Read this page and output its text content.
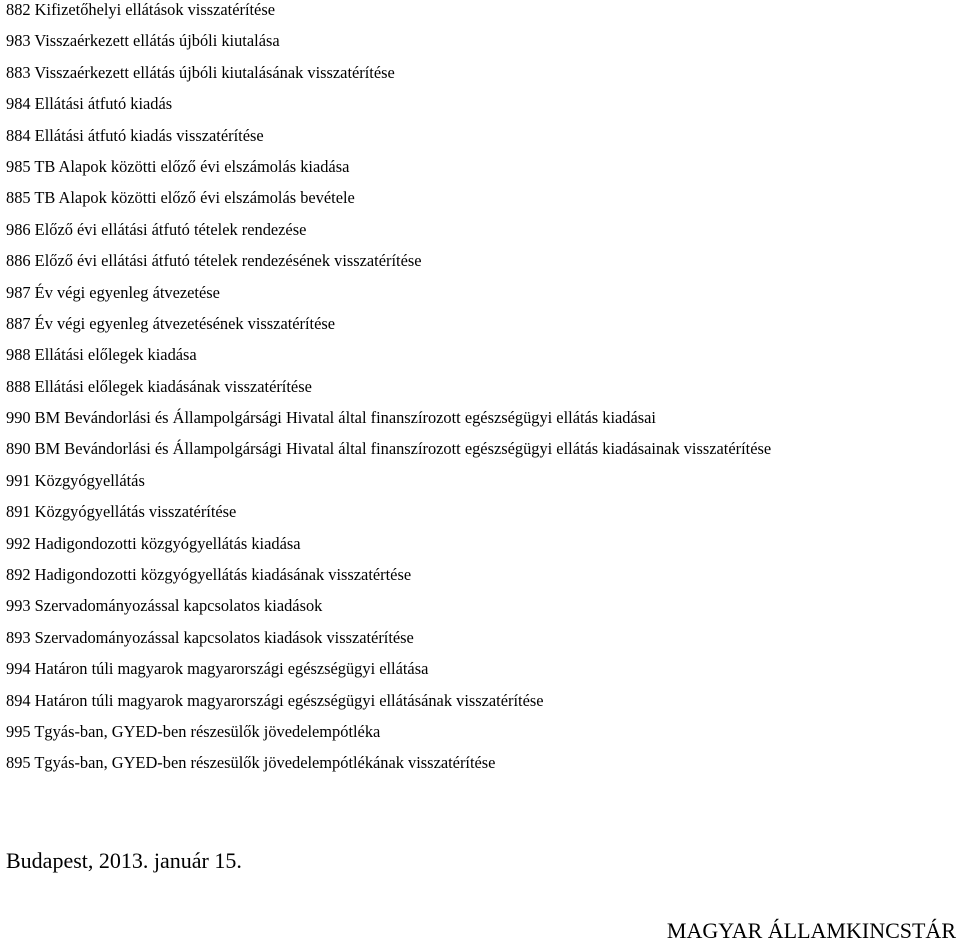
882 Kifizetőhelyi ellátások visszatérítése
983 Visszaérkezett ellátás újbóli kiutalása
883 Visszaérkezett ellátás újbóli kiutalásának visszatérítése
984 Ellátási átfutó kiadás
884 Ellátási átfutó kiadás visszatérítése
985 TB Alapok közötti előző évi elszámolás kiadása
885 TB Alapok közötti előző évi elszámolás bevétele
986 Előző évi ellátási átfutó tételek rendezése
886 Előző évi ellátási átfutó tételek rendezésének visszatérítése
987 Év végi egyenleg átvezetése
887 Év végi egyenleg átvezetésének visszatérítése
988 Ellátási előlegek kiadása
888 Ellátási előlegek kiadásának visszatérítése
990 BM Bevándorlási és Állampolgársági Hivatal által finanszírozott egészségügyi ellátás kiadásai
890 BM Bevándorlási és Állampolgársági Hivatal által finanszírozott egészségügyi ellátás kiadásainak visszatérítése
991 Közgyógyellátás
891 Közgyógyellátás visszatérítése
992 Hadigondozotti közgyógyellátás kiadása
892 Hadigondozotti közgyógyellátás kiadásának visszatértése
993 Szervadományozással kapcsolatos kiadások
893 Szervadományozással kapcsolatos kiadások visszatérítése
994 Határon túli magyarok magyarországi egészségügyi ellátása
894 Határon túli magyarok magyarországi egészségügyi ellátásának visszatérítése
995 Tgyás-ban, GYED-ben részesülők jövedelempótléka
895 Tgyás-ban, GYED-ben részesülők jövedelempótlékának visszatérítése
Budapest, 2013. január 15.
MAGYAR ÁLLAMKINCSTÁR
